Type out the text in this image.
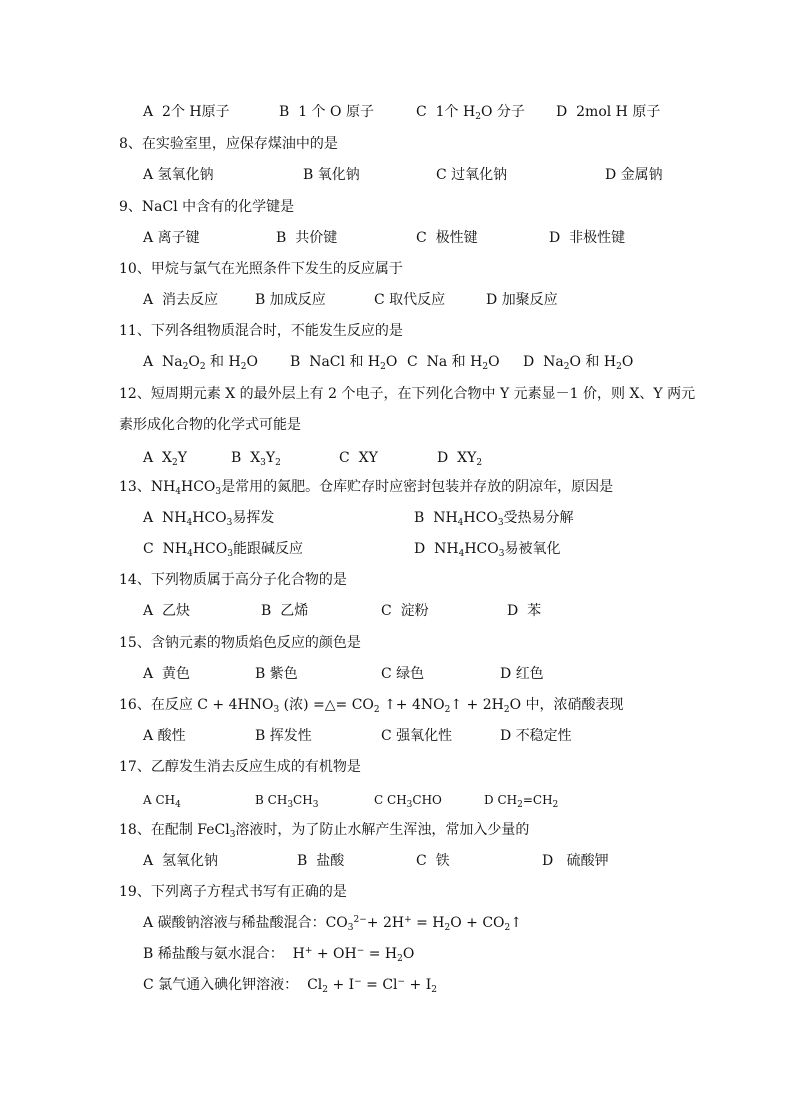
A 2个 H原子	B 1 个 O 原子	C 1个 $H_2O$ 分子 D 2mol H 原子
8、在实验室里，应保存煤油中的是
A 氢氧化钠	B 氧化钠	C 过氧化钠	D 金属钠
9、NaCl 中含有的化学键是
A 离子键	B 共价键	C 极性键	D 非极性键
10、甲烷与氯气在光照条件下发生的反应属于
A 消去反应	B 加成反应	C 取代反应	D 加聚反应
11、下列各组物质混合时，不能发生反应的是
A $Na_2O_2$ 和 $H_2O$ B NaCl 和 $H_2O$ C Na 和 $H_2O$ D $Na_2O$ 和 $H_2O$
12、短周期元素 X 的最外层上有 2 个电子，在下列化合物中 Y 元素显－1 价，则 X、Y 两元
素形成化合物的化学式可能是
A $X_2Y$	B $X_3Y_2$	C XY	D $XY_2$
13、$NH_4HCO_3$是常用的氮肥。仓库贮存时应密封包装并存放的阴凉年，原因是
A $NH_4HCO_3$易挥发	B $NH_4HCO_3$受热易分解
C $NH_4HCO_3$能跟碱反应	D $NH_4HCO_3$易被氧化
14、下列物质属于高分子化合物的是
A 乙炔	B 乙烯	C 淀粉	D 苯
15、含钠元素的物质焰色反应的颜色是
A 黄色	B 紫色	C 绿色	D 红色
16、在反应 $C + 4HNO_3$ (浓) =△= $CO_2$ ↑+ $4NO_2↑ + 2H_2O$ 中，浓硝酸表现
A 酸性	B 挥发性	C 强氧化性	D 不稳定性
17、乙醇发生消去反应生成的有机物是
A $CH_4$	B $CH_3CH_3$	C $CH_3CHO$	D $CH_2=CH_2$
18、在配制 FeCl$_3$溶液时，为了防止水解产生浑浊，常加入少量的
A 氢氧化钠	B 盐酸	C 铁	D 硫酸钾
19、下列离子方程式书写有正确的是
A 碳酸钠溶液与稀盐酸混合：$CO_3^{2-}+ 2H^+ = H_2O$ + $CO_2↑$
B 稀盐酸与氨水混合：  $H^+ + OH^- = H_2O$
C 氯气通入碘化钾溶液：  $Cl_2 + I^- = Cl^- + I_2$
